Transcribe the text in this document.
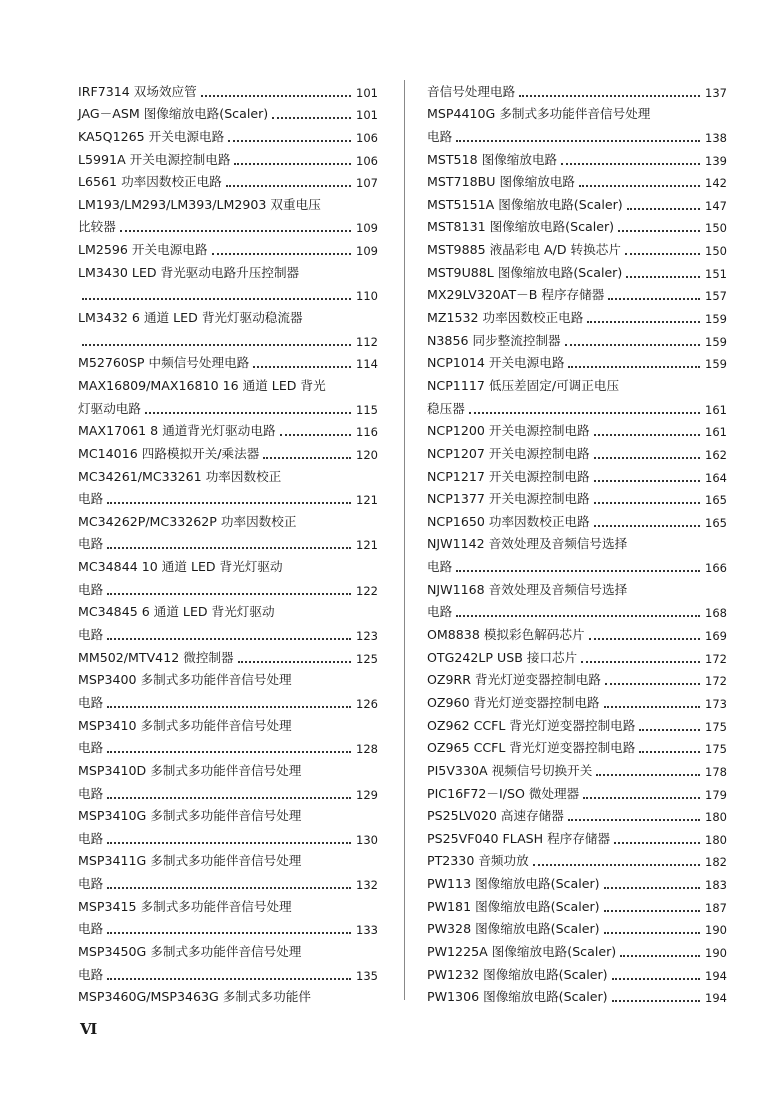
IRF7314 双场效应管	101
JAG－ASM 图像缩放电路(Scaler)	101
KA5Q1265 开关电源电路	106
L5991A 开关电源控制电路	106
L6561 功率因数校正电路	107
LM193/LM293/LM393/LM2903 双重电压
比较器	109
LM2596 开关电源电路	109
LM3430 LED 背光驱动电路升压控制器
110
LM3432 6 通道 LED 背光灯驱动稳流器
112
M52760SP 中频信号处理电路	114
MAX16809/MAX16810 16 通道 LED 背光
灯驱动电路	115
MAX17061 8 通道背光灯驱动电路	116
MC14016 四路模拟开关/乘法器	120
MC34261/MC33261 功率因数校正
电路	121
MC34262P/MC33262P 功率因数校正
电路	121
MC34844 10 通道 LED 背光灯驱动
电路	122
MC34845 6 通道 LED 背光灯驱动
电路	123
MM502/MTV412 微控制器	125
MSP3400 多制式多功能伴音信号处理
电路	126
MSP3410 多制式多功能伴音信号处理
电路	128
MSP3410D 多制式多功能伴音信号处理
电路	129
MSP3410G 多制式多功能伴音信号处理
电路	130
MSP3411G 多制式多功能伴音信号处理
电路	132
MSP3415 多制式多功能伴音信号处理
电路	133
MSP3450G 多制式多功能伴音信号处理
电路	135
MSP3460G/MSP3463G 多制式多功能伴
音信号处理电路	137
MSP4410G 多制式多功能伴音信号处理
电路	138
MST518 图像缩放电路	139
MST718BU 图像缩放电路	142
MST5151A 图像缩放电路(Scaler)	147
MST8131 图像缩放电路(Scaler)	150
MST9885 液晶彩电 A/D 转换芯片	150
MST9U88L 图像缩放电路(Scaler)	151
MX29LV320AT－B 程序存储器	157
MZ1532 功率因数校正电路	159
N3856 同步整流控制器	159
NCP1014 开关电源电路	159
NCP1117 低压差固定/可调正电压
稳压器	161
NCP1200 开关电源控制电路	161
NCP1207 开关电源控制电路	162
NCP1217 开关电源控制电路	164
NCP1377 开关电源控制电路	165
NCP1650 功率因数校正电路	165
NJW1142 音效处理及音频信号选择
电路	166
NJW1168 音效处理及音频信号选择
电路	168
OM8838 模拟彩色解码芯片	169
OTG242LP USB 接口芯片	172
OZ9RR 背光灯逆变器控制电路	172
OZ960 背光灯逆变器控制电路	173
OZ962 CCFL 背光灯逆变器控制电路	175
OZ965 CCFL 背光灯逆变器控制电路	175
PI5V330A 视频信号切换开关	178
PIC16F72－I/SO 微处理器	179
PS25LV020 高速存储器	180
PS25VF040 FLASH 程序存储器	180
PT2330 音频功放	182
PW113 图像缩放电路(Scaler)	183
PW181 图像缩放电路(Scaler)	187
PW328 图像缩放电路(Scaler)	190
PW1225A 图像缩放电路(Scaler)	190
PW1232 图像缩放电路(Scaler)	194
PW1306 图像缩放电路(Scaler)	194
Ⅵ
